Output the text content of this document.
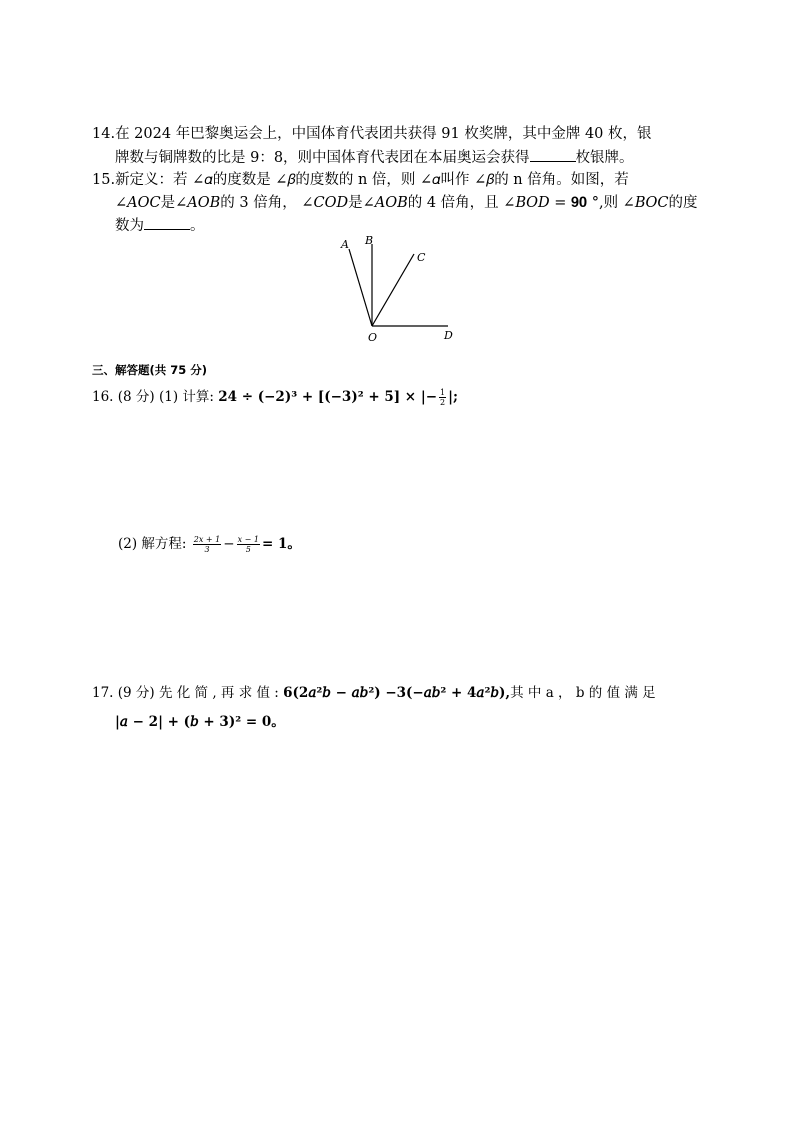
14.在 2024 年巴黎奥运会上，中国体育代表团共获得 91 枚奖牌，其中金牌 40 枚，银
牌数与铜牌数的比是 9：8，则中国体育代表团在本届奥运会获得	枚银牌。
15.新定义：若 ∠𝛼的度数是 ∠𝛽的度数的 n 倍，则 ∠𝛼叫作 ∠𝛽的 n 倍角。如图，若
∠𝐴𝑂𝐶是∠𝐴𝑂𝐵的 3 倍角， ∠𝐶𝑂𝐷是∠𝐴𝑂𝐵的 4 倍角，且 ∠𝐵𝑂𝐷 = 𝟗𝟎 °,则 ∠𝐵𝑂𝐶的度
数为	。
A B
C
O	D
三、解答题(共 75 分)
16. (8 分) (1) 计算: 𝟐𝟒 ÷ (−2)³ + [(−3)² + 5] × |− $\frac{1}{2}$ |;
(2) 解方程: $\frac{2x + 1}{3} - \frac{x - 1}{5}$ = 𝟏。
17. (9 分) 先 化 简 , 再 求 值 : 𝟔(2𝑎²𝑏 − 𝑎𝑏²) −3(−𝑎𝑏² + 𝟒𝑎²𝑏),其 中 a ， b 的 值 满 足
|𝑎 − 2| + (𝑏 + 3)² = 𝟎。
